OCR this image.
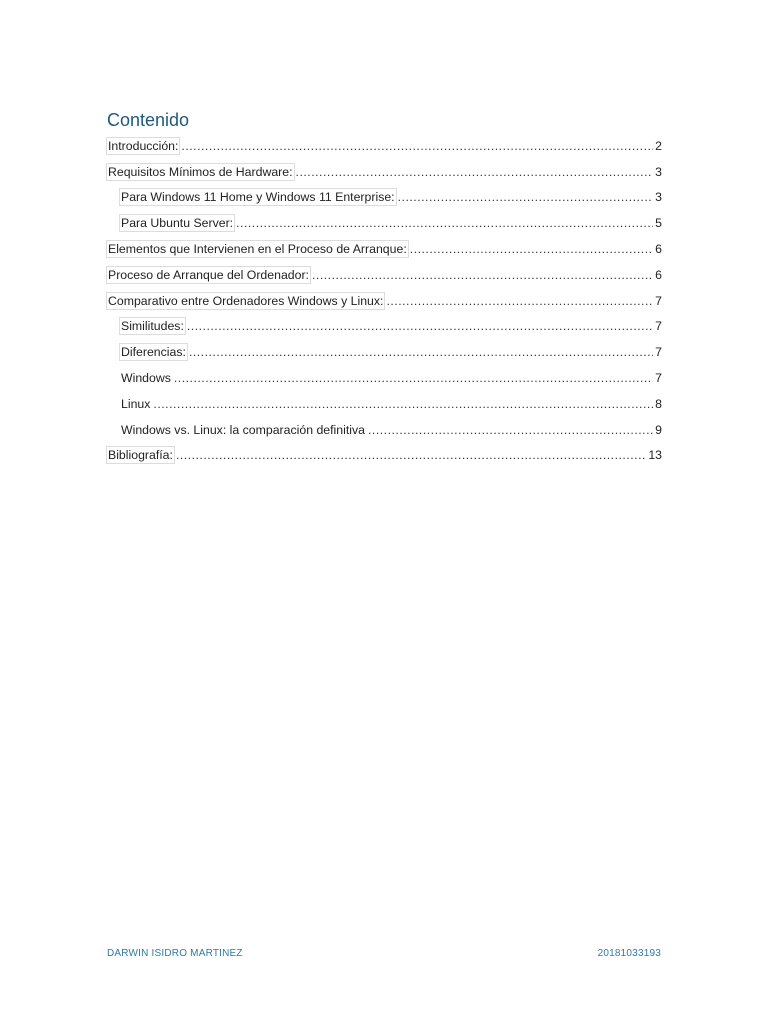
Contenido
Introducción: .....	2
Requisitos Mínimos de Hardware: .....	3
Para Windows 11 Home y Windows 11 Enterprise: .....	3
Para Ubuntu Server: .....	5
Elementos que Intervienen en el Proceso de Arranque: .....	6
Proceso de Arranque del Ordenador: .....	6
Comparativo entre Ordenadores Windows y Linux: .....	7
Similitudes: .....	7
Diferencias: .....	7
Windows .....	7
Linux .....	8
Windows vs. Linux: la comparación definitiva .....	9
Bibliografía: .....	13
DARWIN ISIDRO MARTINEZ	20181033193
